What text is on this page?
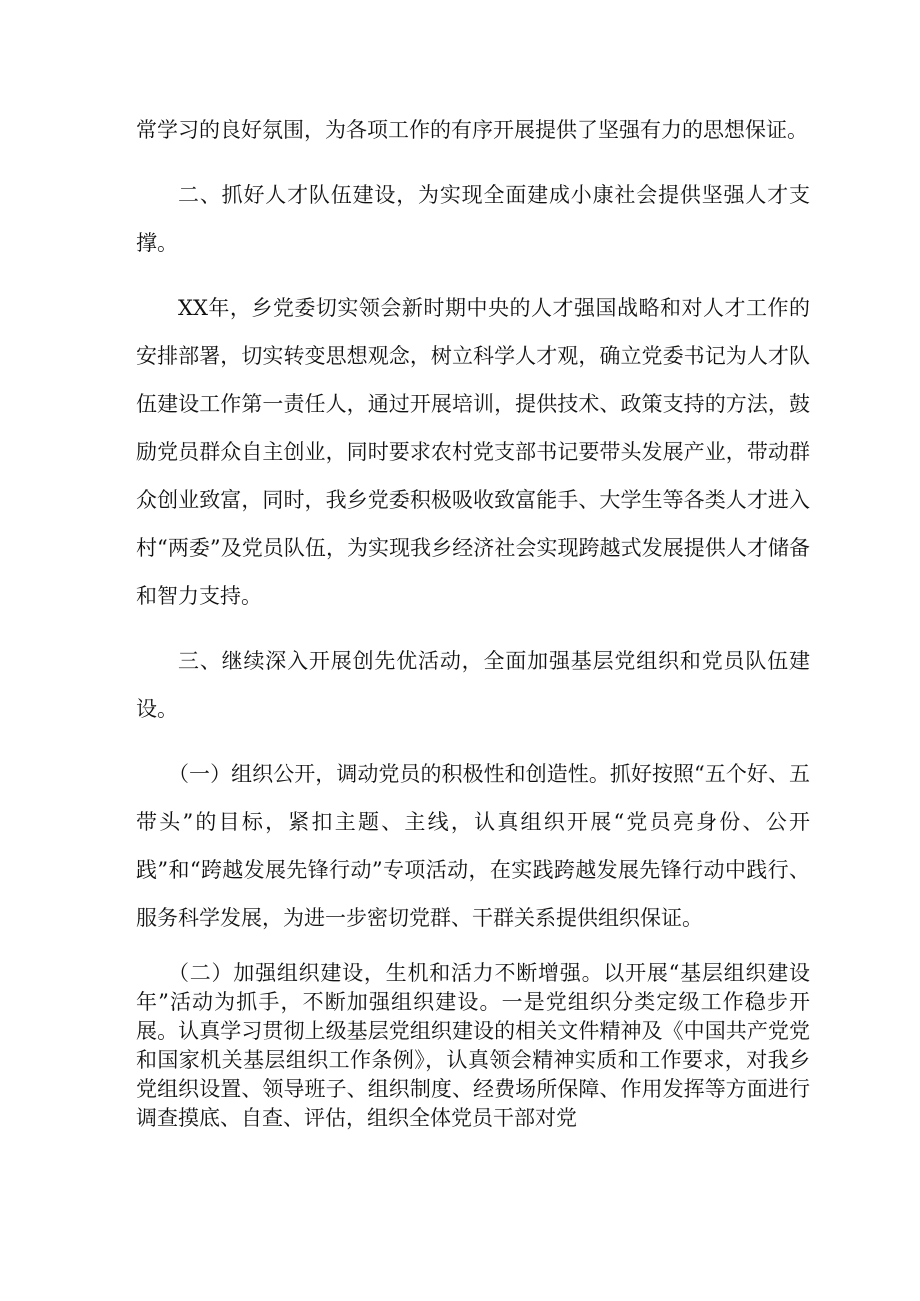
常学习的良好氛围，为各项工作的有序开展提供了坚强有力的思想保证。

二、抓好人才队伍建设，为实现全面建成小康社会提供坚强人才支撑。

XX年，乡党委切实领会新时期中央的人才强国战略和对人才工作的安排部署，切实转变思想观念，树立科学人才观，确立党委书记为人才队伍建设工作第一责任人，通过开展培训，提供技术、政策支持的方法，鼓励党员群众自主创业，同时要求农村党支部书记要带头发展产业，带动群众创业致富，同时，我乡党委积极吸收致富能手、大学生等各类人才进入村“两委”及党员队伍，为实现我乡经济社会实现跨越式发展提供人才储备和智力支持。

三、继续深入开展创先优活动，全面加强基层党组织和党员队伍建设。

（一）组织公开，调动党员的积极性和创造性。抓好按照“五个好、五带头”的目标，紧扣主题、主线，认真组织开展“党员亮身份、公开践”和“跨越发展先锋行动”专项活动，在实践跨越发展先锋行动中践行、服务科学发展，为进一步密切党群、干群关系提供组织保证。

（二）加强组织建设，生机和活力不断增强。以开展“基层组织建设年”活动为抓手，不断加强组织建设。一是党组织分类定级工作稳步开展。认真学习贯彻上级基层党组织建设的相关文件精神及《中国共产党党和国家机关基层组织工作条例》，认真领会精神实质和工作要求，对我乡党组织设置、领导班子、组织制度、经费场所保障、作用发挥等方面进行调查摸底、自查、评估，组织全体党员干部对党
